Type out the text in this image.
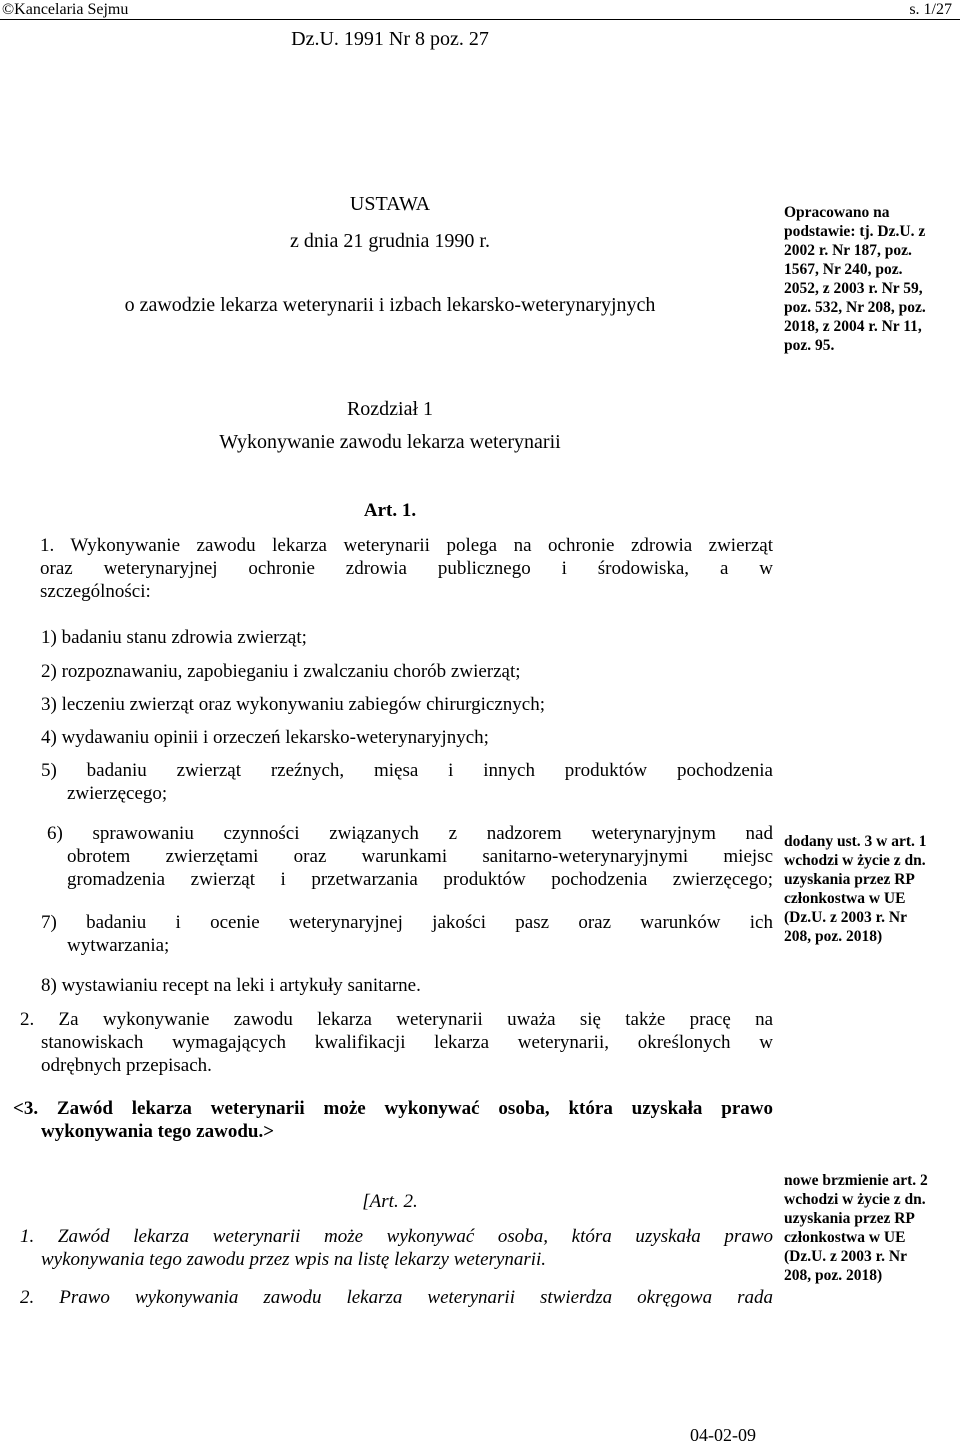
©Kancelaria Sejmu	s. 1/27
Dz.U. 1991 Nr 8 poz. 27
USTAWA
z dnia 21 grudnia 1990 r.
o zawodzie lekarza weterynarii i izbach lekarsko-weterynaryjnych
Opracowano na
podstawie: tj. Dz.U. z
2002 r. Nr 187, poz.
1567, Nr 240, poz.
2052, z 2003 r. Nr 59,
poz. 532, Nr 208, poz.
2018, z 2004 r. Nr 11,
poz. 95.
Rozdział 1
Wykonywanie zawodu lekarza weterynarii
Art. 1.

1. Wykonywanie zawodu lekarza weterynarii polega na ochronie zdrowia zwierząt

oraz weterynaryjnej ochronie zdrowia publicznego i środowiska, a w

szczególności:

1) badaniu stanu zdrowia zwierząt;

2) rozpoznawaniu, zapobieganiu i zwalczaniu chorób zwierząt;

3) leczeniu zwierząt oraz wykonywaniu zabiegów chirurgicznych;

4) wydawaniu opinii i orzeczeń lekarsko-weterynaryjnych;

5) badaniu zwierząt rzeźnych, mięsa i innych produktów pochodzenia

zwierzęcego;

6) sprawowaniu czynności związanych z nadzorem weterynaryjnym nad

obrotem zwierzętami oraz warunkami sanitarno-weterynaryjnymi miejsc

gromadzenia zwierząt i przetwarzania produktów pochodzenia zwierzęcego;

7) badaniu i ocenie weterynaryjnej jakości pasz oraz warunków ich

wytwarzania;

8) wystawianiu recept na leki i artykuły sanitarne.

2. Za wykonywanie zawodu lekarza weterynarii uważa się także pracę na

stanowiskach wymagających kwalifikacji lekarza weterynarii, określonych w

odrębnych przepisach.

<3. Zawód lekarza weterynarii może wykonywać osoba, która uzyskała prawo

wykonywania tego zawodu.>

dodany ust. 3 w art. 1
wchodzi w życie z dn.
uzyskania przez RP
członkostwa w UE
(Dz.U. z 2003 r. Nr
208, poz. 2018)
[Art. 2.

1. Zawód lekarza weterynarii może wykonywać osoba, która uzyskała prawo

wykonywania tego zawodu przez wpis na listę lekarzy weterynarii.

2. Prawo wykonywania zawodu lekarza weterynarii stwierdza okręgowa rada

nowe brzmienie art. 2
wchodzi w życie z dn.
uzyskania przez RP
członkostwa w UE
(Dz.U. z 2003 r. Nr
208, poz. 2018)
04-02-09
